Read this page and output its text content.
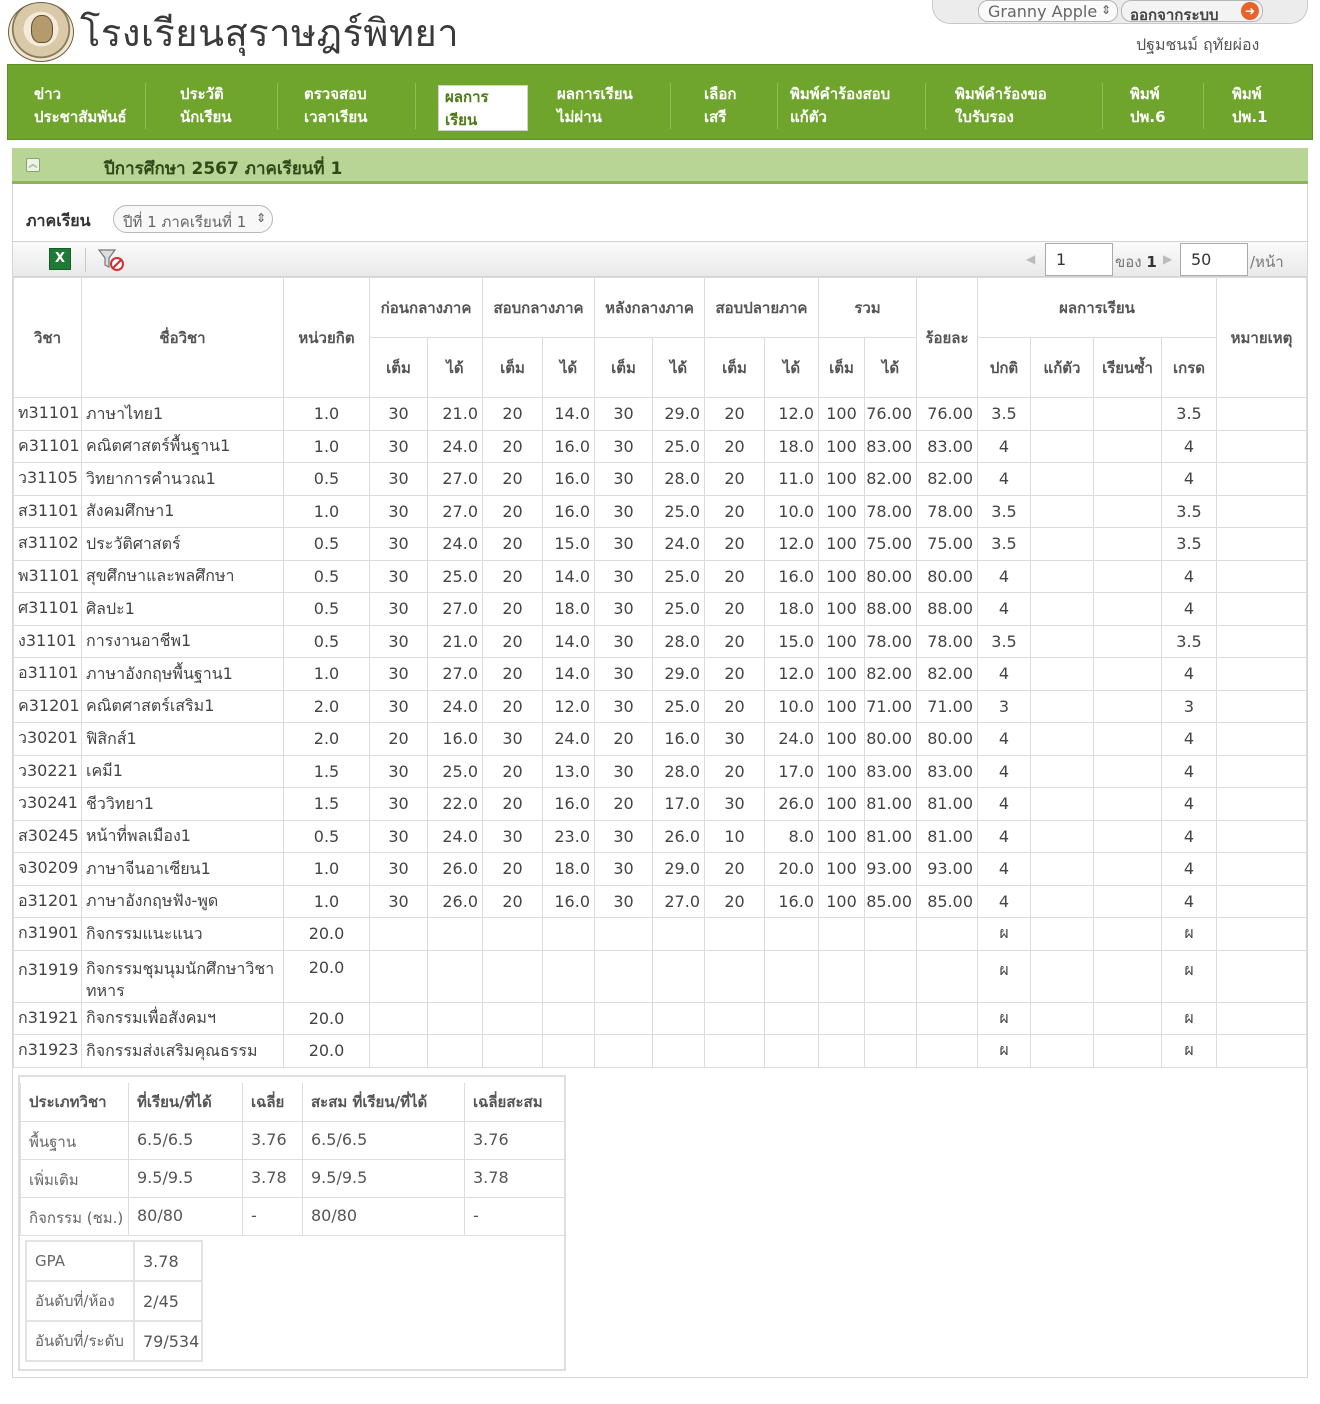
โรงเรียนสุราษฎร์พิทยา	Granny Apple ⇕	ออกจากระบบ	➜
ปฐมชนม์ ฤทัยผ่อง
ข่าว
ประชาสัมพันธ์
ประวัติ
นักเรียน
ตรวจสอบ
เวลาเรียน
ผลการ
เรียน
ผลการเรียน
ไม่ผ่าน
เลือก
เสรี
พิมพ์คำร้องสอบ
แก้ตัว
พิมพ์คำร้องขอ
ใบรับรอง
พิมพ์
ปพ.6
พิมพ์
ปพ.1
︽	ปีการศึกษา 2567 ภาคเรียนที่ 1
ภาคเรียน	ปีที่ 1 ภาคเรียนที่ 1 ⇕
X	◀	1	ของ 1 ▶	50	/หน้า
วิชา	ชื่อวิชา	หน่วยกิต	ก่อนกลางภาค		สอบกลางภาค		หลังกลางภาค		สอบปลายภาค		รวม		ร้อยละ	ผลการเรียน				หมายเหตุ
			เต็ม	ได้	เต็ม	ได้	เต็ม	ได้	เต็ม	ได้	เต็ม	ได้		ปกติ	แก้ตัว	เรียนซ้ำ	เกรด	
ท31101	ภาษาไทย1	1.0	30	21.0	20	14.0	30	29.0	20	12.0	100	76.00	76.00	3.5			3.5	
ค31101	คณิตศาสตร์พื้นฐาน1	1.0	30	24.0	20	16.0	30	25.0	20	18.0	100	83.00	83.00	4			4	
ว31105	วิทยาการคำนวณ1	0.5	30	27.0	20	16.0	30	28.0	20	11.0	100	82.00	82.00	4			4	
ส31101	สังคมศึกษา1	1.0	30	27.0	20	16.0	30	25.0	20	10.0	100	78.00	78.00	3.5			3.5	
ส31102	ประวัติศาสตร์	0.5	30	24.0	20	15.0	30	24.0	20	12.0	100	75.00	75.00	3.5			3.5	
พ31101	สุขศึกษาและพลศึกษา	0.5	30	25.0	20	14.0	30	25.0	20	16.0	100	80.00	80.00	4			4	
ศ31101	ศิลปะ1	0.5	30	27.0	20	18.0	30	25.0	20	18.0	100	88.00	88.00	4			4	
ง31101	การงานอาชีพ1	0.5	30	21.0	20	14.0	30	28.0	20	15.0	100	78.00	78.00	3.5			3.5	
อ31101	ภาษาอังกฤษพื้นฐาน1	1.0	30	27.0	20	14.0	30	29.0	20	12.0	100	82.00	82.00	4			4	
ค31201	คณิตศาสตร์เสริม1	2.0	30	24.0	20	12.0	30	25.0	20	10.0	100	71.00	71.00	3			3	
ว30201	ฟิสิกส์1	2.0	20	16.0	30	24.0	20	16.0	30	24.0	100	80.00	80.00	4			4	
ว30221	เคมี1	1.5	30	25.0	20	13.0	30	28.0	20	17.0	100	83.00	83.00	4			4	
ว30241	ชีววิทยา1	1.5	30	22.0	20	16.0	20	17.0	30	26.0	100	81.00	81.00	4			4	
ส30245	หน้าที่พลเมือง1	0.5	30	24.0	30	23.0	30	26.0	10	8.0	100	81.00	81.00	4			4	
จ30209	ภาษาจีนอาเซียน1	1.0	30	26.0	20	18.0	30	29.0	20	20.0	100	93.00	93.00	4			4	
อ31201	ภาษาอังกฤษฟัง-พูด	1.0	30	26.0	20	16.0	30	27.0	20	16.0	100	85.00	85.00	4			4	
ก31901	กิจกรรมแนะแนว	20.0												ผ			ผ	
ก31919	กิจกรรมชุมนุมนักศึกษาวิชาทหาร	20.0												ผ			ผ	
ก31921	กิจกรรมเพื่อสังคมฯ	20.0												ผ			ผ	
ก31923	กิจกรรมส่งเสริมคุณธรรม	20.0												ผ			ผ	
ประเภทวิชา	ที่เรียน/ที่ได้	เฉลี่ย	สะสม ที่เรียน/ที่ได้	เฉลี่ยสะสม
พื้นฐาน	6.5/6.5	3.76	6.5/6.5	3.76
เพิ่มเติม	9.5/9.5	3.78	9.5/9.5	3.78
กิจกรรม (ชม.)	80/80	-	80/80	-
GPA	3.78
อันดับที่/ห้อง	2/45
อันดับที่/ระดับ	79/534
